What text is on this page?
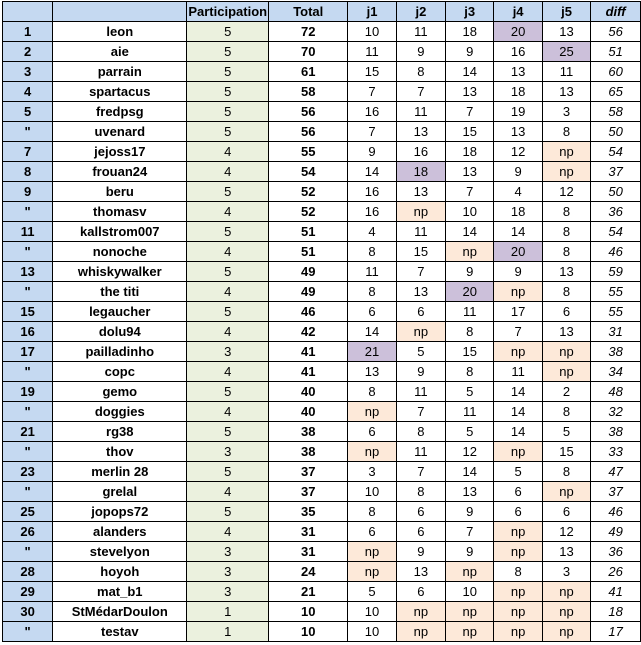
		Participation	Total	j1	j2	j3	j4	j5	diff
1	leon	5	72	10	11	18	20	13	56
2	aie	5	70	11	9	9	16	25	51
3	parrain	5	61	15	8	14	13	11	60
4	spartacus	5	58	7	7	13	18	13	65
5	fredpsg	5	56	16	11	7	19	3	58
"	uvenard	5	56	7	13	15	13	8	50
7	jejoss17	4	55	9	16	18	12	np	54
8	frouan24	4	54	14	18	13	9	np	37
9	beru	5	52	16	13	7	4	12	50
"	thomasv	4	52	16	np	10	18	8	36
11	kallstrom007	5	51	4	11	14	14	8	54
"	nonoche	4	51	8	15	np	20	8	46
13	whiskywalker	5	49	11	7	9	9	13	59
"	the titi	4	49	8	13	20	np	8	55
15	legaucher	5	46	6	6	11	17	6	55
16	dolu94	4	42	14	np	8	7	13	31
17	pailladinho	3	41	21	5	15	np	np	38
"	copc	4	41	13	9	8	11	np	34
19	gemo	5	40	8	11	5	14	2	48
"	doggies	4	40	np	7	11	14	8	32
21	rg38	5	38	6	8	5	14	5	38
"	thov	3	38	np	11	12	np	15	33
23	merlin 28	5	37	3	7	14	5	8	47
"	grelal	4	37	10	8	13	6	np	37
25	jopops72	5	35	8	6	9	6	6	46
26	alanders	4	31	6	6	7	np	12	49
"	stevelyon	3	31	np	9	9	np	13	36
28	hoyoh	3	24	np	13	np	8	3	26
29	mat_b1	3	21	5	6	10	np	np	41
30	StMédarDoulon	1	10	10	np	np	np	np	18
"	testav	1	10	10	np	np	np	np	17
